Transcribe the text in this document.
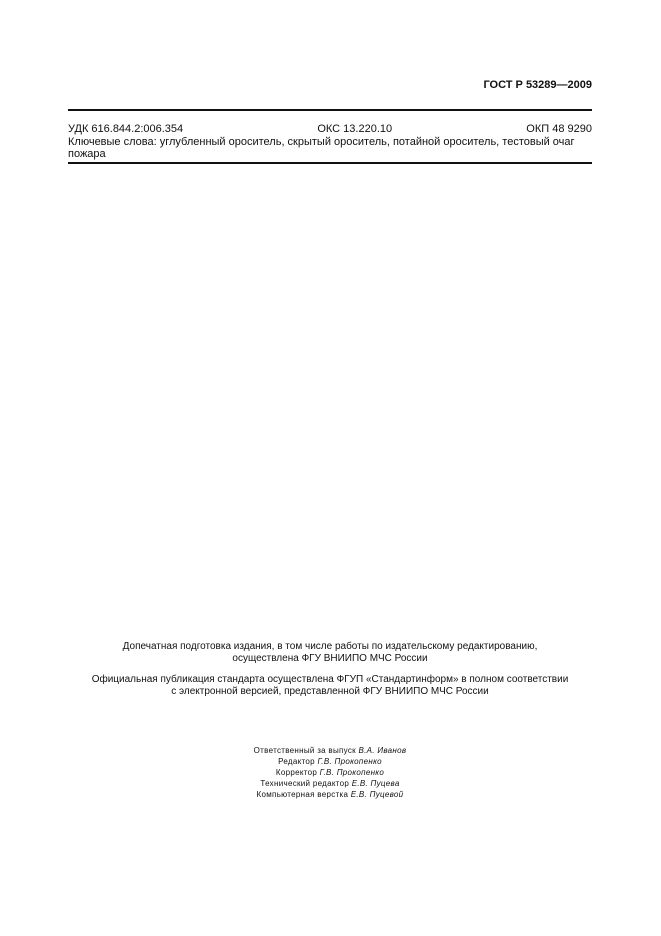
ГОСТ Р 53289—2009
УДК 616.844.2:006.354	ОКС 13.220.10	ОКП 48 9290
Ключевые слова: углубленный ороситель, скрытый ороситель, потайной ороситель, тестовый очаг пожара
Допечатная подготовка издания, в том числе работы по издательскому редактированию,
осуществлена ФГУ ВНИИПО МЧС России
Официальная публикация стандарта осуществлена ФГУП «Стандартинформ» в полном соответствии
с электронной версией, представленной ФГУ ВНИИПО МЧС России
Ответственный за выпуск В.А. Иванов
Редактор Г.В. Прокопенко
Корректор Г.В. Прокопенко
Технический редактор Е.В. Пуцева
Компьютерная верстка Е.В. Пуцевой
